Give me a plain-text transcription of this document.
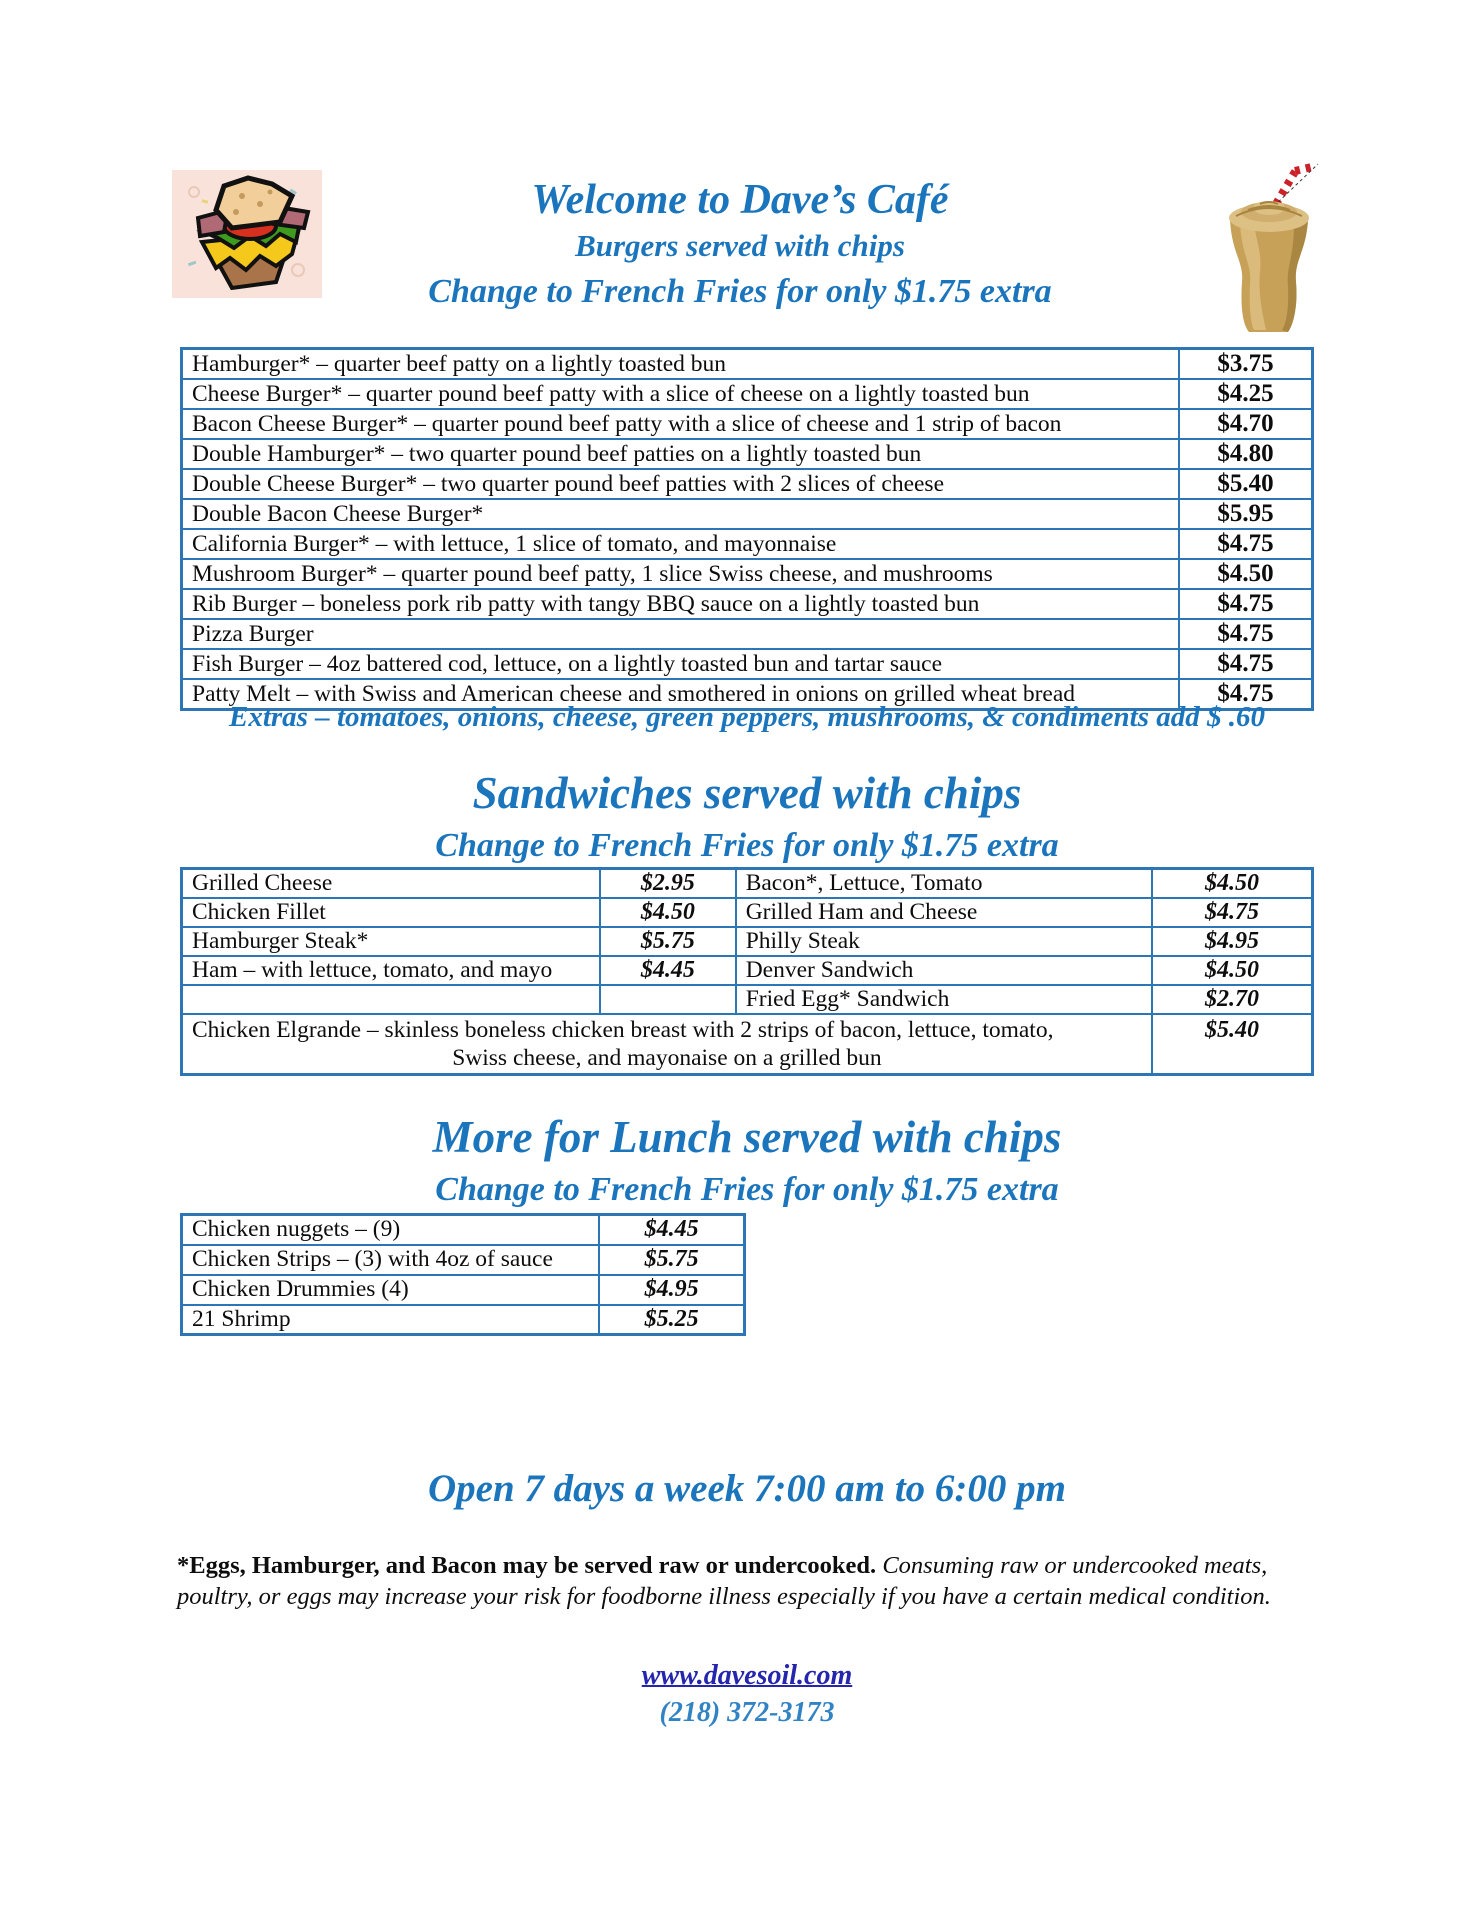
Welcome to Dave’s Café
Burgers served with chips
Change to French Fries for only $1.75 extra
Hamburger* – quarter beef patty on a lightly toasted bun	$3.75
Cheese Burger* – quarter pound beef patty with a slice of cheese on a lightly toasted bun	$4.25
Bacon Cheese Burger* – quarter pound beef patty with a slice of cheese and 1 strip of bacon	$4.70
Double Hamburger* – two quarter pound beef patties on a lightly toasted bun	$4.80
Double Cheese Burger* – two quarter pound beef patties with 2 slices of cheese	$5.40
Double Bacon Cheese Burger*	$5.95
California Burger* – with lettuce, 1 slice of tomato, and mayonnaise	$4.75
Mushroom Burger* – quarter pound beef patty, 1 slice Swiss cheese, and mushrooms	$4.50
Rib Burger – boneless pork rib patty with tangy BBQ sauce on a lightly toasted bun	$4.75
Pizza Burger	$4.75
Fish Burger – 4oz battered cod, lettuce, on a lightly toasted bun and tartar sauce	$4.75
Patty Melt – with Swiss and American cheese and smothered in onions on grilled wheat bread	$4.75
Extras – tomatoes, onions, cheese, green peppers, mushrooms, & condiments add $ .60
Sandwiches served with chips
Change to French Fries for only $1.75 extra
Grilled Cheese	$2.95	Bacon*, Lettuce, Tomato	$4.50
Chicken Fillet	$4.50	Grilled Ham and Cheese	$4.75
Hamburger Steak*	$5.75	Philly Steak	$4.95
Ham – with lettuce, tomato, and mayo	$4.45	Denver Sandwich	$4.50
		Fried Egg* Sandwich	$2.70

Chicken Elgrande – skinless boneless chicken breast with 2 strips of bacon, lettuce, tomato,
Swiss cheese, and mayonaise on a grilled bun			$5.40
More for Lunch served with chips
Change to French Fries for only $1.75 extra
Chicken nuggets – (9)	$4.45
Chicken Strips – (3) with 4oz of sauce	$5.75
Chicken Drummies (4)	$4.95
21 Shrimp	$5.25
Open 7 days a week 7:00 am to 6:00 pm

*Eggs, Hamburger, and Bacon may be served raw or undercooked. Consuming raw or undercooked meats, poultry, or eggs may increase your risk for foodborne illness especially if you have a certain medical condition.

www.davesoil.com
(218) 372-3173
